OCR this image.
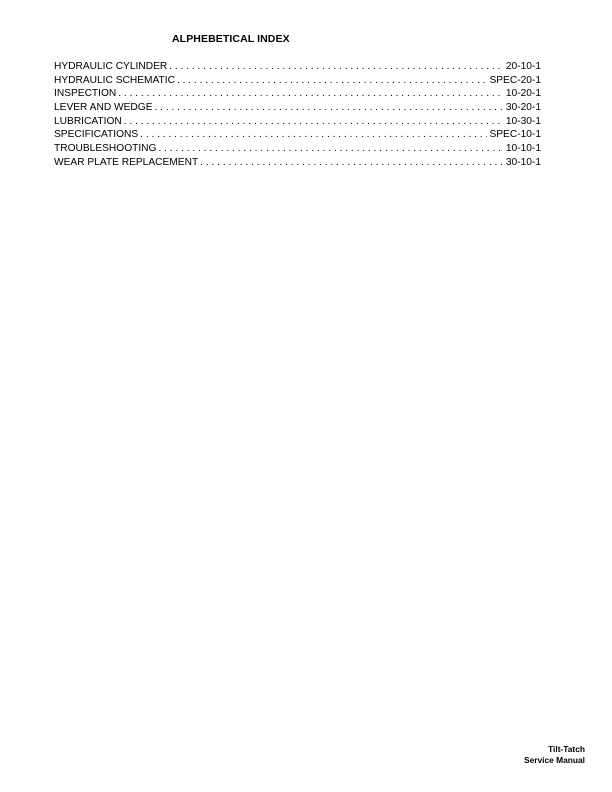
ALPHEBETICAL INDEX
HYDRAULIC CYLINDER . . .	20-10-1
HYDRAULIC SCHEMATIC . . .	SPEC-20-1
INSPECTION . . .	10-20-1
LEVER AND WEDGE . . .	30-20-1
LUBRICATION . . .	10-30-1
SPECIFICATIONS . . .	SPEC-10-1
TROUBLESHOOTING . . .	10-10-1
WEAR PLATE REPLACEMENT . . .	30-10-1
Tilt-Tatch
Service Manual
